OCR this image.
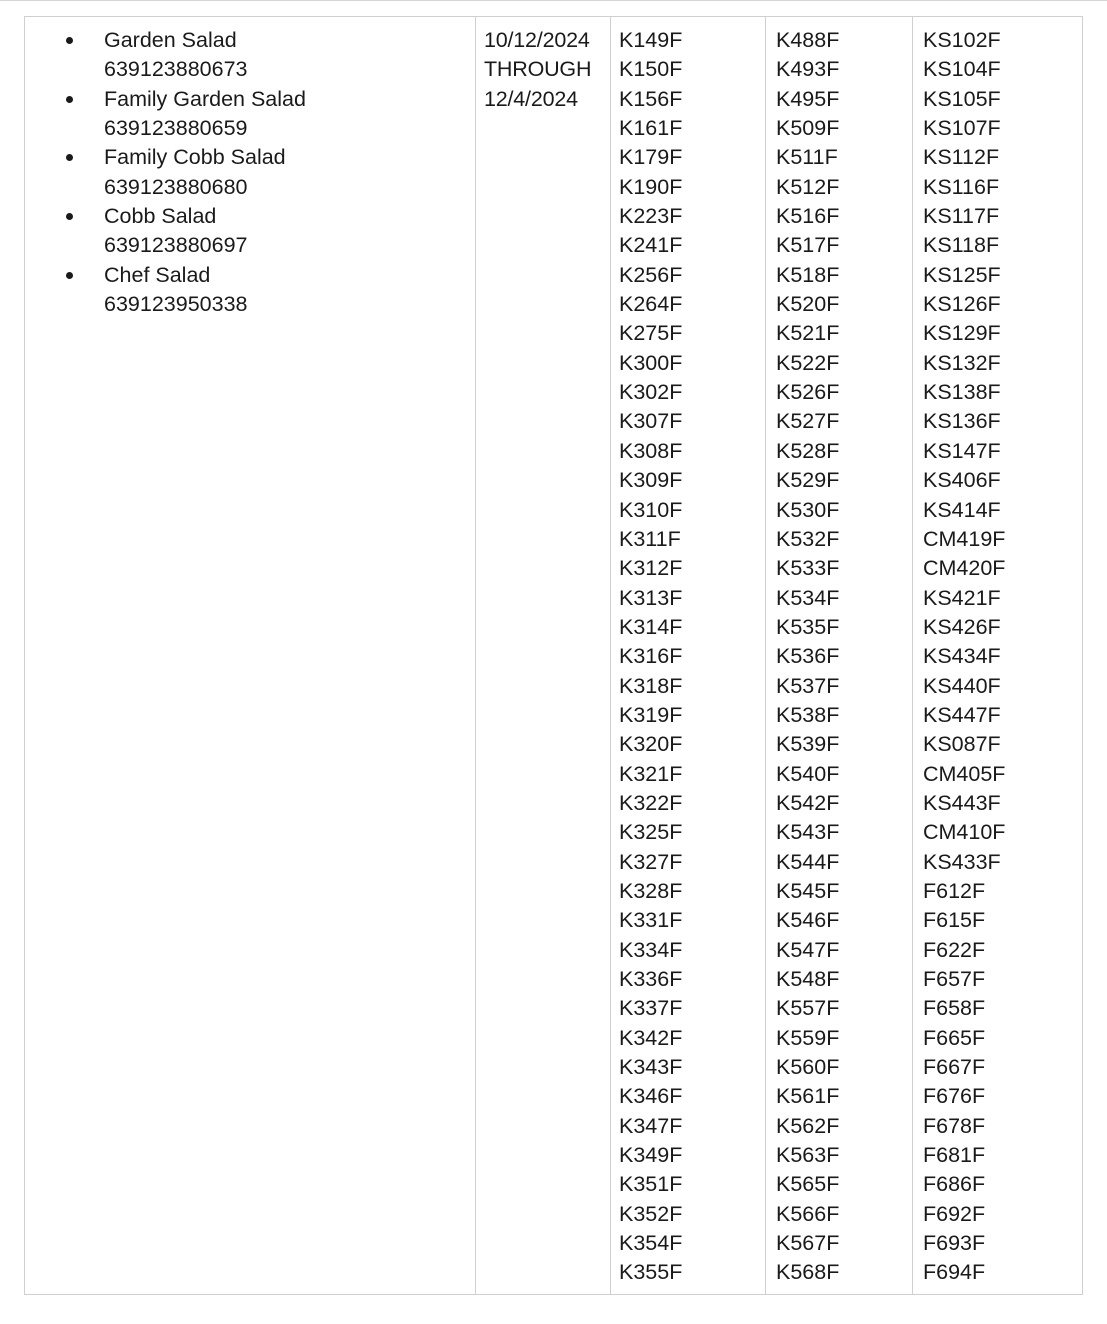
Garden Salad
639123880673
Family Garden Salad
639123880659
Family Cobb Salad
639123880680
Cobb Salad
639123880697
Chef Salad
639123950338

10/12/2024
THROUGH
12/4/2024

K149F
K150F
K156F
K161F
K179F
K190F
K223F
K241F
K256F
K264F
K275F
K300F
K302F
K307F
K308F
K309F
K310F
K311F
K312F
K313F
K314F
K316F
K318F
K319F
K320F
K321F
K322F
K325F
K327F
K328F
K331F
K334F
K336F
K337F
K342F
K343F
K346F
K347F
K349F
K351F
K352F
K354F
K355F

K488F
K493F
K495F
K509F
K511F
K512F
K516F
K517F
K518F
K520F
K521F
K522F
K526F
K527F
K528F
K529F
K530F
K532F
K533F
K534F
K535F
K536F
K537F
K538F
K539F
K540F
K542F
K543F
K544F
K545F
K546F
K547F
K548F
K557F
K559F
K560F
K561F
K562F
K563F
K565F
K566F
K567F
K568F

KS102F
KS104F
KS105F
KS107F
KS112F
KS116F
KS117F
KS118F
KS125F
KS126F
KS129F
KS132F
KS138F
KS136F
KS147F
KS406F
KS414F
CM419F
CM420F
KS421F
KS426F
KS434F
KS440F
KS447F
KS087F
CM405F
KS443F
CM410F
KS433F
F612F
F615F
F622F
F657F
F658F
F665F
F667F
F676F
F678F
F681F
F686F
F692F
F693F
F694F
